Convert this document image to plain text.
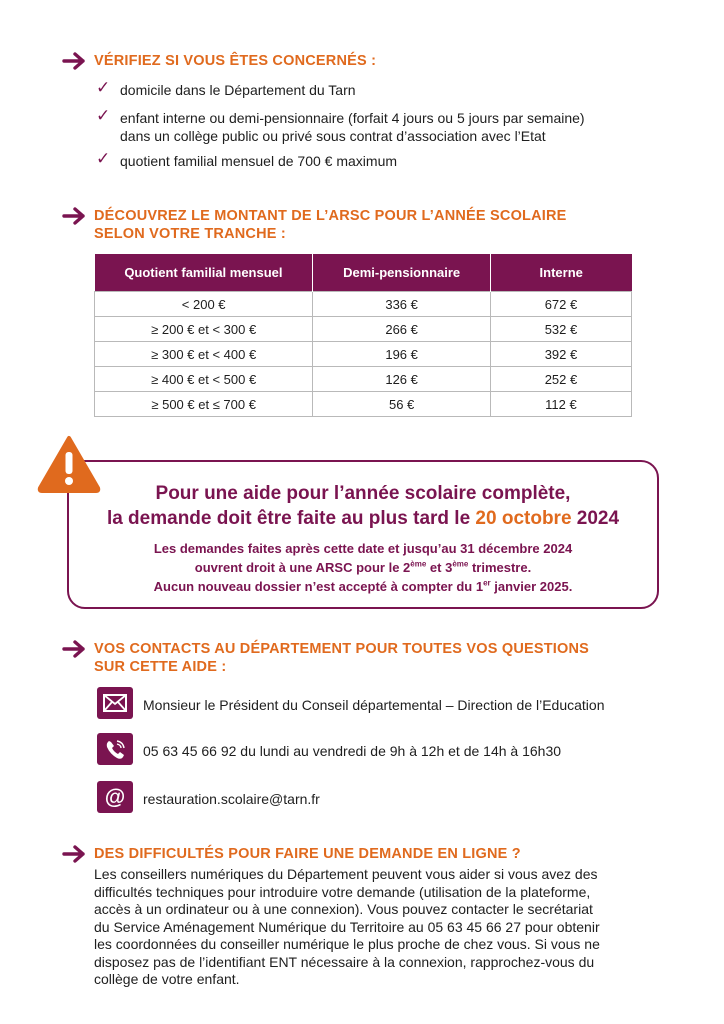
VÉRIFIEZ SI VOUS ÊTES CONCERNÉS :
✓ domicile dans le Département du Tarn
✓ enfant interne ou demi-pensionnaire (forfait 4 jours ou 5 jours par semaine)
dans un collège public ou privé sous contrat d’association avec l’Etat
✓ quotient familial mensuel de 700 € maximum
DÉCOUVREZ LE MONTANT DE L’ARSC POUR L’ANNÉE SCOLAIRE
SELON VOTRE TRANCHE :
Quotient familial mensuel	Demi-pensionnaire	Interne
< 200 €	336 €	672 €
≥ 200 € et < 300 €	266 €	532 €
≥ 300 € et < 400 €	196 €	392 €
≥ 400 € et < 500 €	126 €	252 €
≥ 500 € et ≤ 700 €	56 €	112 €
Pour une aide pour l’année scolaire complète,
la demande doit être faite au plus tard le 20 octobre 2024
Les demandes faites après cette date et jusqu’au 31 décembre 2024
ouvrent droit à une ARSC pour le 2ème et 3ème trimestre.
Aucun nouveau dossier n’est accepté à compter du 1er janvier 2025.
VOS CONTACTS AU DÉPARTEMENT POUR TOUTES VOS QUESTIONS
SUR CETTE AIDE :
Monsieur le Président du Conseil départemental – Direction de l’Education
05 63 45 66 92 du lundi au vendredi de 9h à 12h et de 14h à 16h30
@ restauration.scolaire@tarn.fr
DES DIFFICULTÉS POUR FAIRE UNE DEMANDE EN LIGNE ?
Les conseillers numériques du Département peuvent vous aider si vous avez des
difficultés techniques pour introduire votre demande (utilisation de la plateforme,
accès à un ordinateur ou à une connexion). Vous pouvez contacter le secrétariat
du Service Aménagement Numérique du Territoire au 05 63 45 66 27 pour obtenir
les coordonnées du conseiller numérique le plus proche de chez vous. Si vous ne
disposez pas de l’identifiant ENT nécessaire à la connexion, rapprochez-vous du
collège de votre enfant.
